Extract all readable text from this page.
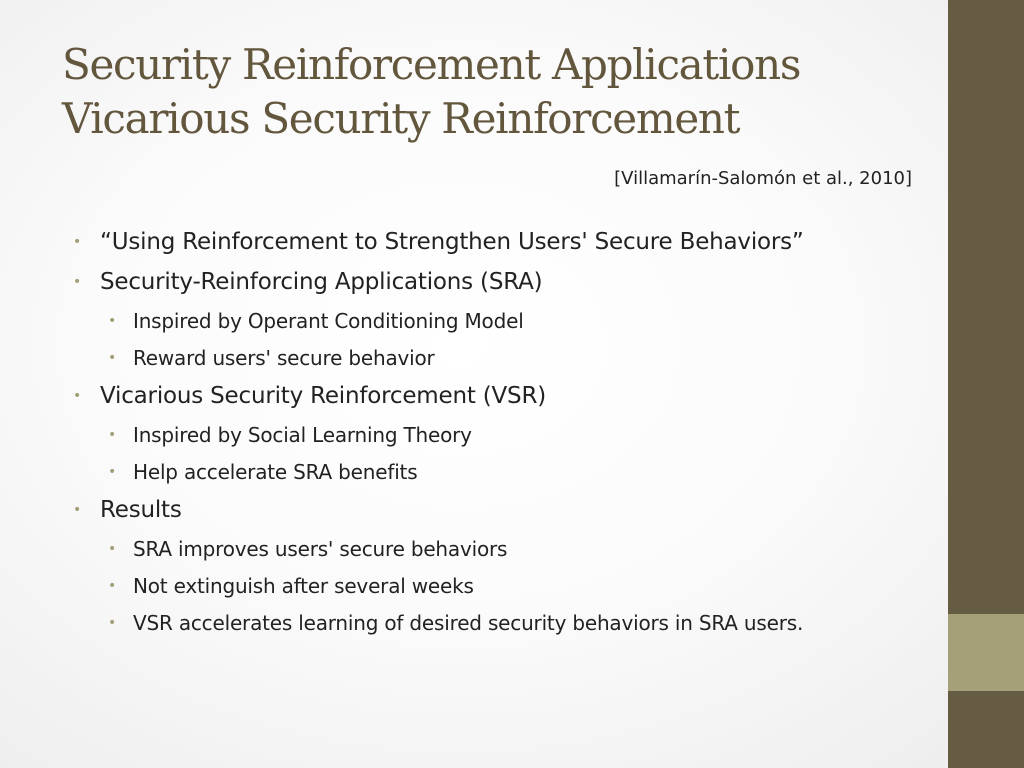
Security Reinforcement Applications
Vicarious Security Reinforcement
[Villamarín-Salomón et al., 2010]
• “Using Reinforcement to Strengthen Users' Secure Behaviors”
• Security-Reinforcing Applications (SRA)
• Inspired by Operant Conditioning Model
• Reward users' secure behavior
• Vicarious Security Reinforcement (VSR)
• Inspired by Social Learning Theory
• Help accelerate SRA benefits
• Results
• SRA improves users' secure behaviors
• Not extinguish after several weeks
• VSR accelerates learning of desired security behaviors in SRA users.
